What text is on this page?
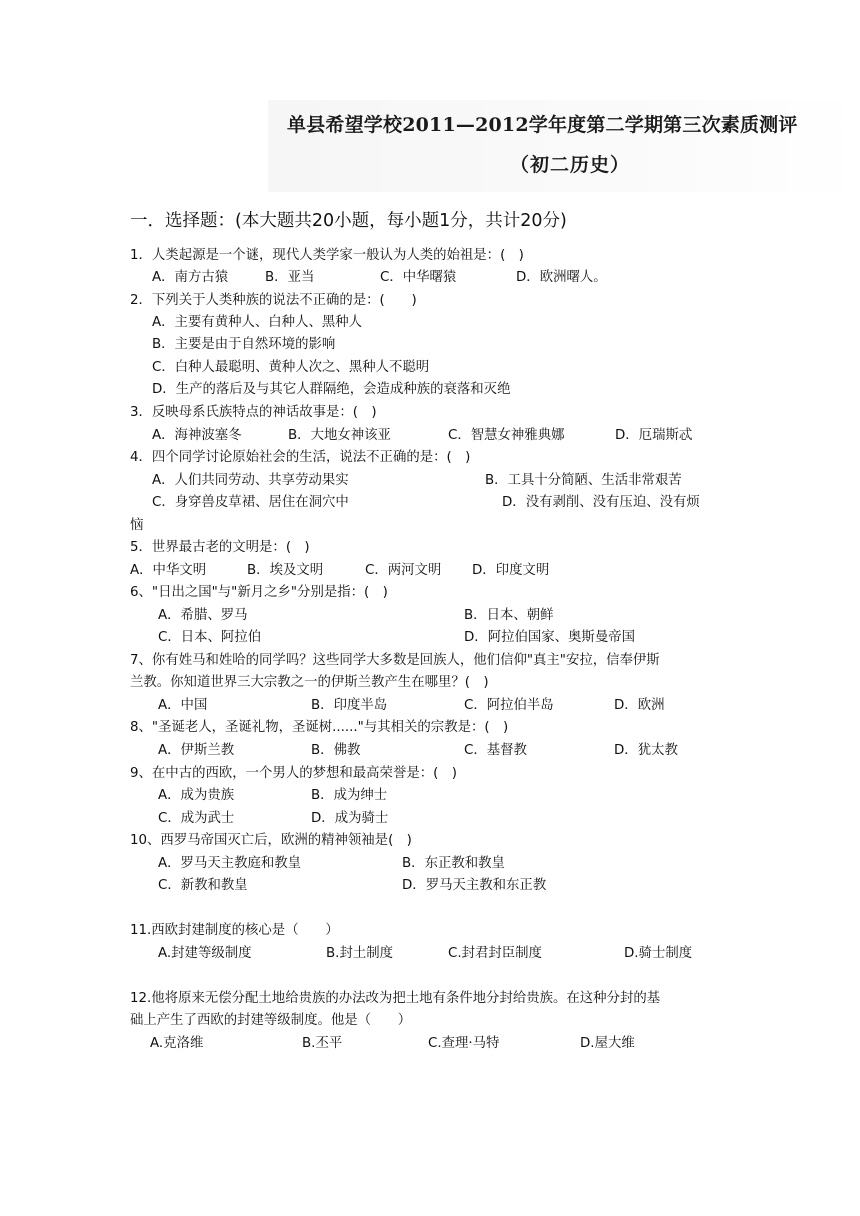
单县希望学校2011—2012学年度第二学期第三次素质测评
（初二历史）
一．选择题：(本大题共20小题，每小题1分，共计20分)
1．人类起源是一个谜，现代人类学家一般认为人类的始祖是：(　)
A．南方古猿	B．亚当	C．中华曙猿	D．欧洲曙人。
2．下列关于人类种族的说法不正确的是：(　　)
A．主要有黄种人、白种人、黑种人
B．主要是由于自然环境的影响
C．白种人最聪明、黄种人次之、黑种人不聪明
D．生产的落后及与其它人群隔绝，会造成种族的衰落和灭绝
3．反映母系氏族特点的神话故事是：(　)
A．海神波塞冬	B．大地女神该亚	C．智慧女神雅典娜	D．厄瑞斯忒
4．四个同学讨论原始社会的生活，说法不正确的是：(　)
A．人们共同劳动、共享劳动果实	B．工具十分简陋、生活非常艰苦
C．身穿兽皮草裙、居住在洞穴中	D．没有剥削、没有压迫、没有烦
恼
5．世界最古老的文明是：(　)
A．中华文明	B．埃及文明	C．两河文明 D．印度文明
6、"日出之国"与"新月之乡"分别是指：(　)
A．希腊、罗马	B．日本、朝鲜
C．日本、阿拉伯	D．阿拉伯国家、奥斯曼帝国
7、你有姓马和姓哈的同学吗？这些同学大多数是回族人，他们信仰"真主"安拉，信奉伊斯
兰教。你知道世界三大宗教之一的伊斯兰教产生在哪里？(　)
A．中国	B．印度半岛	C．阿拉伯半岛	D．欧洲
8、"圣诞老人，圣诞礼物，圣诞树......"与其相关的宗教是：(　)
A．伊斯兰教	B．佛教	C．基督教	D．犹太教
9、在中古的西欧，一个男人的梦想和最高荣誉是：(　)
A．成为贵族	B．成为绅士
C．成为武士	D．成为骑士
10、西罗马帝国灭亡后，欧洲的精神领袖是(　)
A．罗马天主教庭和教皇	B．东正教和教皇
C．新教和教皇	D．罗马天主教和东正教
11.西欧封建制度的核心是（　　）
A.封建等级制度	B.封土制度	C.封君封臣制度	D.骑士制度
12.他将原来无偿分配土地给贵族的办法改为把土地有条件地分封给贵族。在这种分封的基
础上产生了西欧的封建等级制度。他是（　　）
A.克洛维	B.丕平	C.查理·马特	D.屋大维
